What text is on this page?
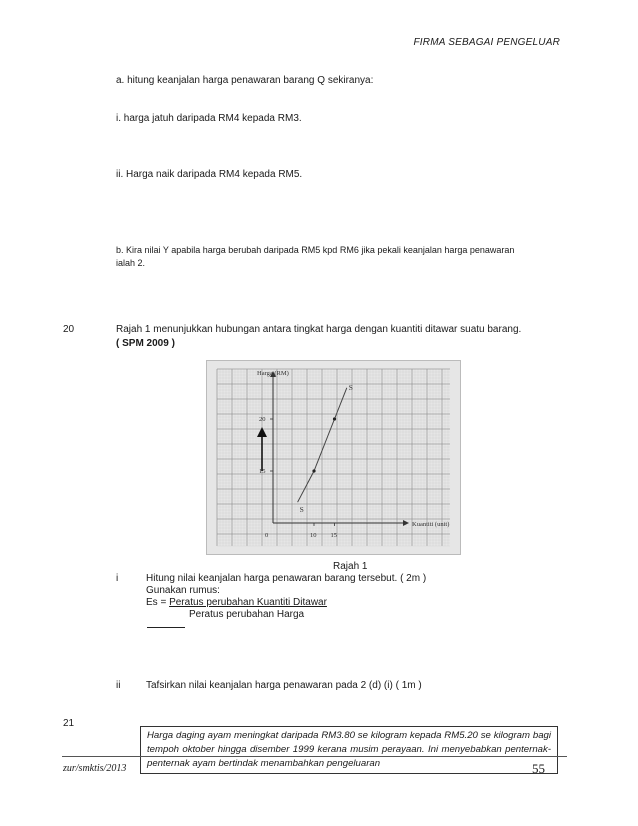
FIRMA SEBAGAI PENGELUAR
a. hitung keanjalan harga penawaran barang Q sekiranya:
i. harga jatuh daripada RM4 kepada RM3.
ii. Harga naik daripada RM4 kepada RM5.
b. Kira nilai Y apabila harga berubah daripada RM5 kpd RM6 jika pekali keanjalan harga penawaran
ialah 2.
20	Rajah 1 menunjukkan hubungan antara tingkat harga dengan kuantiti ditawar suatu barang.
( SPM 2009 )
Harga (RM)
Kuantiti (unit)
0
15
20
10 15
S
S
Rajah 1
i	Hitung nilai keanjalan harga penawaran barang tersebut. ( 2m )
Gunakan rumus:
Es = Peratus perubahan Kuantiti Ditawar
Peratus perubahan Harga
ii	Tafsirkan nilai keanjalan harga penawaran pada 2 (d) (i) ( 1m )
21
Harga daging ayam meningkat daripada RM3.80 se kilogram kepada RM5.20 se kilogram bagi tempoh oktober hingga disember 1999 kerana musim perayaan. Ini menyebabkan penternak-penternak ayam bertindak menambahkan pengeluaran
zur/smktis/2013	55
